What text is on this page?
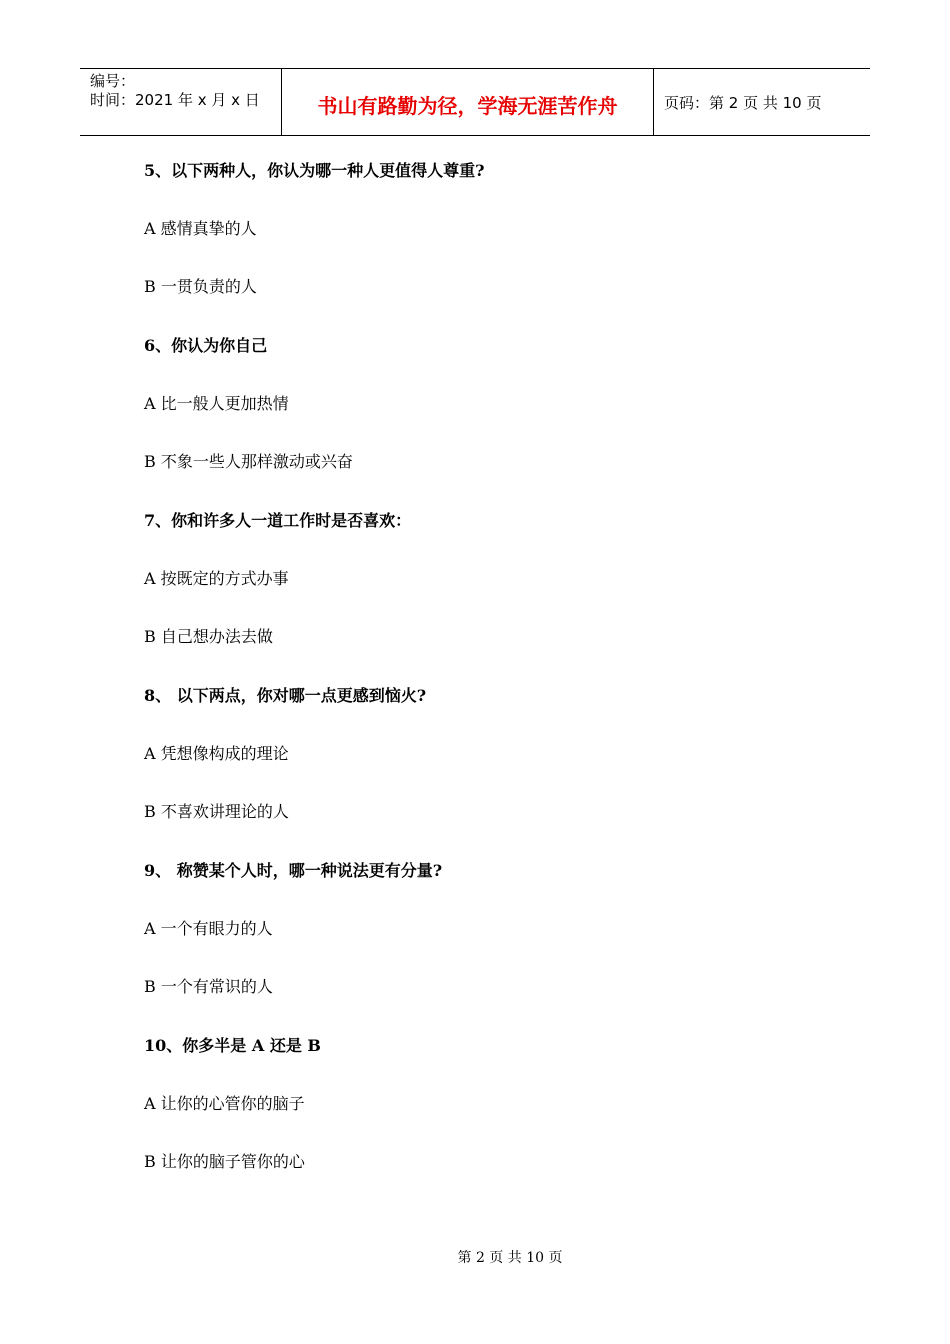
编号：
时间：2021 年 x 月 x 日	书山有路勤为径，学海无涯苦作舟	页码：第 2 页 共 10 页
5、以下两种人，你认为哪一种人更值得人尊重?
A 感情真挚的人
B 一贯负责的人
6、你认为你自己
A 比一般人更加热情
B 不象一些人那样激动或兴奋
7、你和许多人一道工作时是否喜欢：
A 按既定的方式办事
B 自己想办法去做
8、 以下两点，你对哪一点更感到恼火?
A 凭想像构成的理论
B 不喜欢讲理论的人
9、 称赞某个人时，哪一种说法更有分量?
A 一个有眼力的人
B 一个有常识的人
10、你多半是 A 还是 B
A 让你的心管你的脑子
B 让你的脑子管你的心
第 2 页 共 10 页
